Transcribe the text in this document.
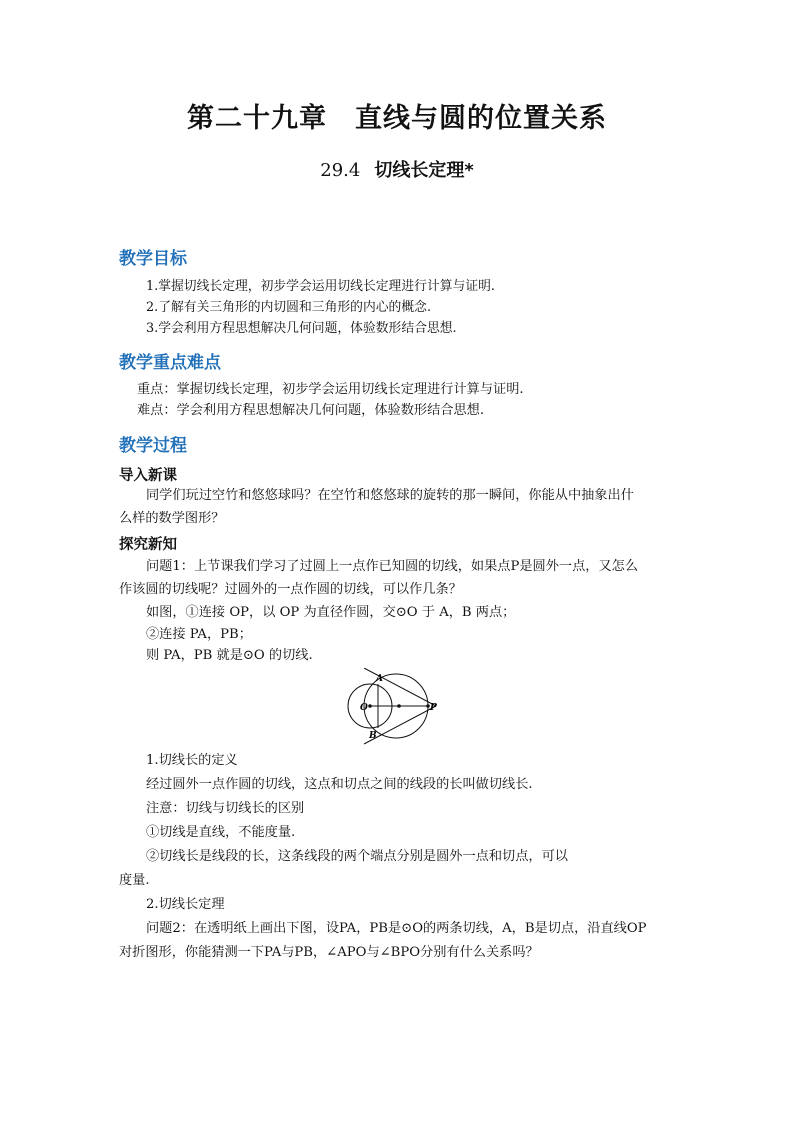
第二十九章　直线与圆的位置关系
29.4 切线长定理*
教学目标
1.掌握切线长定理，初步学会运用切线长定理进行计算与证明.
2.了解有关三角形的内切圆和三角形的内心的概念.
3.学会利用方程思想解决几何问题，体验数形结合思想.
教学重点难点
重点：掌握切线长定理，初步学会运用切线长定理进行计算与证明.
难点：学会利用方程思想解决几何问题，体验数形结合思想.
教学过程
导入新课
同学们玩过空竹和悠悠球吗？在空竹和悠悠球的旋转的那一瞬间，你能从中抽象出什
么样的数学图形？
探究新知
问题1：上节课我们学习了过圆上一点作已知圆的切线，如果点P是圆外一点，又怎么
作该圆的切线呢？过圆外的一点作圆的切线，可以作几条？
如图，①连接 OP，以 OP 为直径作圆，交⊙O 于 A，B 两点；
②连接 PA，PB；
则 PA，PB 就是⊙O 的切线.
A
B
O	P
1.切线长的定义
经过圆外一点作圆的切线，这点和切点之间的线段的长叫做切线长.
注意：切线与切线长的区别
①切线是直线，不能度量.
②切线长是线段的长，这条线段的两个端点分别是圆外一点和切点，可以
度量.
2.切线长定理
问题2：在透明纸上画出下图，设PA，PB是⊙O的两条切线，A，B是切点，沿直线OP
对折图形，你能猜测一下PA与PB，∠APO与∠BPO分别有什么关系吗？
